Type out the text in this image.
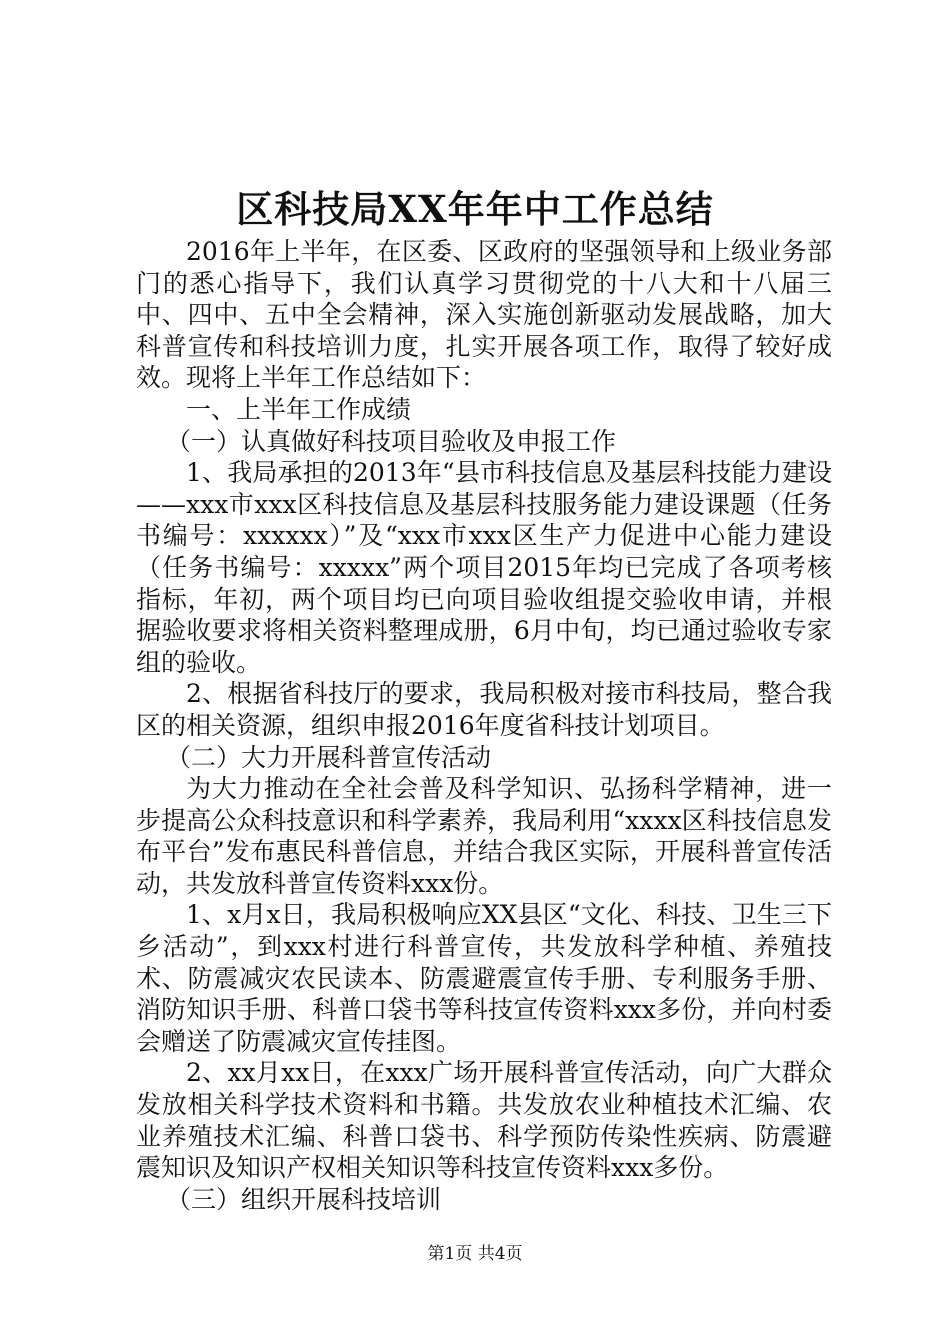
区科技局XX年年中工作总结

2016年上半年，在区委、区政府的坚强领导和上级业务部门的悉心指导下，我们认真学习贯彻党的十八大和十八届三中、四中、五中全会精神，深入实施创新驱动发展战略，加大科普宣传和科技培训力度，扎实开展各项工作，取得了较好成效。现将上半年工作总结如下：

一、上半年工作成绩

（一）认真做好科技项目验收及申报工作

1、我局承担的2013年“县市科技信息及基层科技能力建设——xxx市xxx区科技信息及基层科技服务能力建设课题（任务书编号：xxxxxx）”及“xxx市xxx区生产力促进中心能力建设（任务书编号：xxxxx”两个项目2015年均已完成了各项考核指标，年初，两个项目均已向项目验收组提交验收申请，并根据验收要求将相关资料整理成册，6月中旬，均已通过验收专家组的验收。

2、根据省科技厅的要求，我局积极对接市科技局，整合我区的相关资源，组织申报2016年度省科技计划项目。

（二）大力开展科普宣传活动

为大力推动在全社会普及科学知识、弘扬科学精神，进一步提高公众科技意识和科学素养，我局利用“xxxx区科技信息发布平台”发布惠民科普信息，并结合我区实际，开展科普宣传活动，共发放科普宣传资料xxx份。

1、x月x日，我局积极响应XX县区“文化、科技、卫生三下乡活动”，到xxx村进行科普宣传，共发放科学种植、养殖技术、防震减灾农民读本、防震避震宣传手册、专利服务手册、消防知识手册、科普口袋书等科技宣传资料xxx多份，并向村委会赠送了防震减灾宣传挂图。

2、xx月xx日，在xxx广场开展科普宣传活动，向广大群众发放相关科学技术资料和书籍。共发放农业种植技术汇编、农业养殖技术汇编、科普口袋书、科学预防传染性疾病、防震避震知识及知识产权相关知识等科技宣传资料xxx多份。

（三）组织开展科技培训

第1页 共4页
